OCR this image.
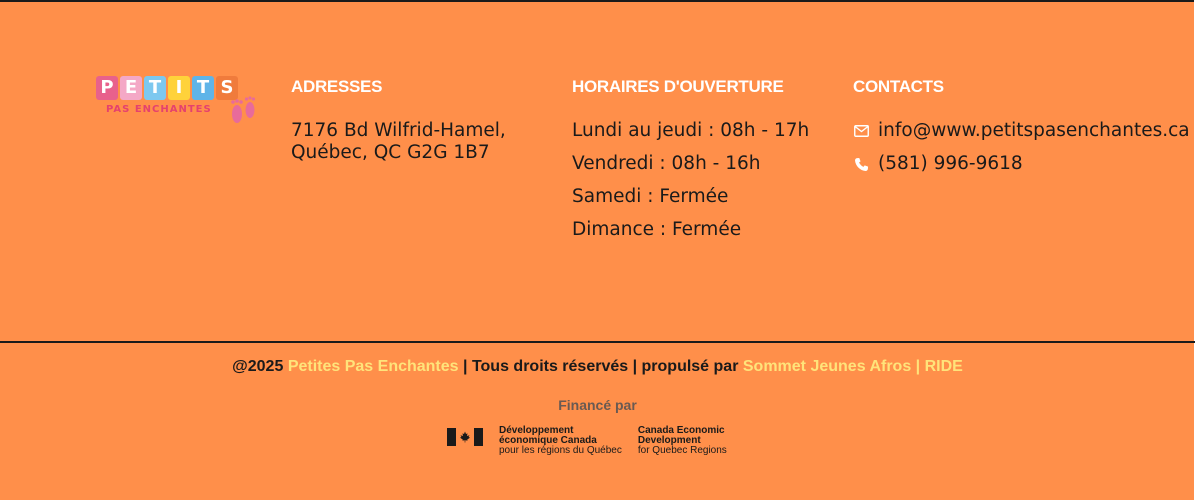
P E T I T S
PAS ENCHANTES
ADRESSES

7176 Bd Wilfrid-Hamel, Québec, QC G2G 1B7

HORAIRES D'OUVERTURE

Lundi au jeudi : 08h - 17h

Vendredi : 08h - 16h

Samedi : Fermée

Dimance : Fermée

CONTACTS
info@www.petitspasenchantes.ca
(581) 996-9618
@2025 Petites Pas Enchantes | Tous droits réservés | propulsé par Sommet Jeunes Afros | RIDE
Financé par
Développement
économique Canada
pour les régions du Québec
Canada Economic
Development
for Quebec Regions
